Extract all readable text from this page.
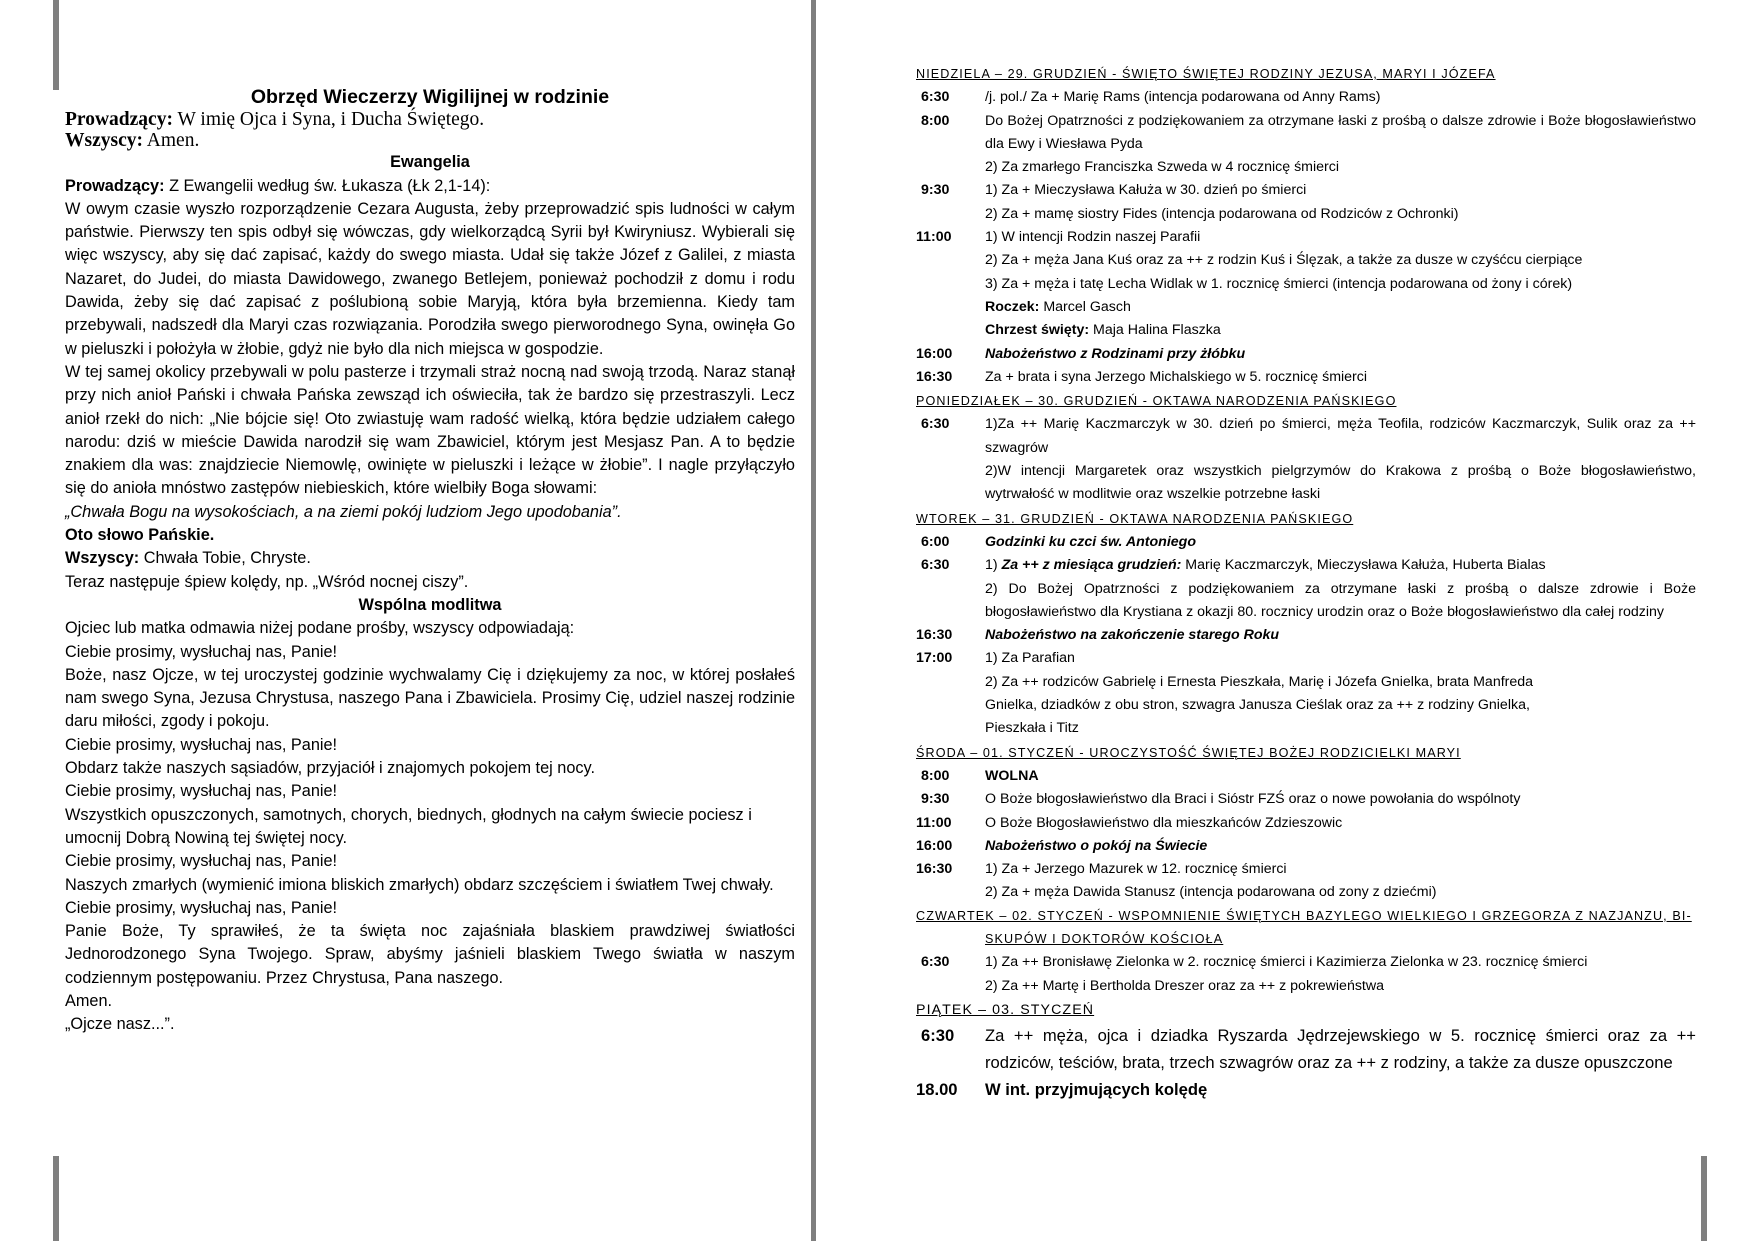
Obrzęd Wieczerzy Wigilijnej w rodzinie

Prowadzący: W imię Ojca i Syna, i Ducha Świętego.

Wszyscy: Amen.

Ewangelia

Prowadzący: Z Ewangelii według św. Łukasza (Łk 2,1-14):

W owym czasie wyszło rozporządzenie Cezara Augusta, żeby przeprowadzić spis ludności w całym państwie. Pierwszy ten spis odbył się wówczas, gdy wielkorządcą Syrii był Kwiryniusz. Wybierali się więc wszyscy, aby się dać zapisać, każdy do swego miasta. Udał się także Józef z Galilei, z miasta Nazaret, do Judei, do miasta Dawidowego, zwanego Betlejem, ponieważ pochodził z domu i rodu Dawida, żeby się dać zapisać z poślubioną sobie Maryją, która była brzemienna. Kiedy tam przebywali, nadszedł dla Maryi czas rozwiązania. Porodziła swego pierworodnego Syna, owinęła Go w pieluszki i położyła w żłobie, gdyż nie było dla nich miejsca w gospodzie.

W tej samej okolicy przebywali w polu pasterze i trzymali straż nocną nad swoją trzodą. Naraz stanął przy nich anioł Pański i chwała Pańska zewsząd ich oświeciła, tak że bardzo się przestraszyli. Lecz anioł rzekł do nich: „Nie bójcie się! Oto zwiastuję wam radość wielką, która będzie udziałem całego narodu: dziś w mieście Dawida narodził się wam Zbawiciel, którym jest Mesjasz Pan. A to będzie znakiem dla was: znajdziecie Niemowlę, owinięte w pieluszki i leżące w żłobie”. I nagle przyłączyło się do anioła mnóstwo zastępów niebieskich, które wielbiły Boga słowami:

„Chwała Bogu na wysokościach, a na ziemi pokój ludziom Jego upodobania”.

Oto słowo Pańskie.

Wszyscy: Chwała Tobie, Chryste.

Teraz następuje śpiew kolędy, np. „Wśród nocnej ciszy”.

Wspólna modlitwa

Ojciec lub matka odmawia niżej podane prośby, wszyscy odpowiadają:

Ciebie prosimy, wysłuchaj nas, Panie!

Boże, nasz Ojcze, w tej uroczystej godzinie wychwalamy Cię i dziękujemy za noc, w której posłałeś nam swego Syna, Jezusa Chrystusa, naszego Pana i Zbawiciela. Prosimy Cię, udziel naszej rodzinie daru miłości, zgody i pokoju.

Ciebie prosimy, wysłuchaj nas, Panie!

Obdarz także naszych sąsiadów, przyjaciół i znajomych pokojem tej nocy.

Ciebie prosimy, wysłuchaj nas, Panie!

Wszystkich opuszczonych, samotnych, chorych, biednych, głodnych na całym świecie pociesz i umocnij Dobrą Nowiną tej świętej nocy.

Ciebie prosimy, wysłuchaj nas, Panie!

Naszych zmarłych (wymienić imiona bliskich zmarłych) obdarz szczęściem i światłem Twej chwały.

Ciebie prosimy, wysłuchaj nas, Panie!

Panie Boże, Ty sprawiłeś, że ta święta noc zajaśniała blaskiem prawdziwej światłości Jednorodzonego Syna Twojego. Spraw, abyśmy jaśnieli blaskiem Twego światła w naszym codziennym postępowaniu. Przez Chrystusa, Pana naszego.

Amen.

„Ojcze nasz...”.

NIEDZIELA – 29. GRUDZIEŃ - ŚWIĘTO ŚWIĘTEJ RODZINY JEZUSA, MARYI I JÓZEFA
6:30	/j. pol./ Za + Marię Rams (intencja podarowana od Anny Rams)
8:00	Do Bożej Opatrzności z podziękowaniem za otrzymane łaski z prośbą o dalsze zdrowie i Boże błogosławieństwo dla Ewy i Wiesława Pyda
2) Za zmarłego Franciszka Szweda w 4 rocznicę śmierci
9:30	1) Za + Mieczysława Kałuża w 30. dzień po śmierci
2) Za + mamę siostry Fides (intencja podarowana od Rodziców z Ochronki)
11:00	1) W intencji Rodzin naszej Parafii
2) Za + męża Jana Kuś oraz za ++ z rodzin Kuś i Ślęzak, a także za dusze w czyśćcu cierpiące
3) Za + męża i tatę Lecha Widlak w 1. rocznicę śmierci (intencja podarowana od żony i córek)
Roczek: Marcel Gasch
Chrzest święty: Maja Halina Flaszka
16:00	Nabożeństwo z Rodzinami przy żłóbku
16:30	Za + brata i syna Jerzego Michalskiego w 5. rocznicę śmierci
PONIEDZIAŁEK – 30. GRUDZIEŃ - OKTAWA NARODZENIA PAŃSKIEGO
6:30	1)Za ++ Marię Kaczmarczyk w 30. dzień po śmierci, męża Teofila, rodziców Kaczmarczyk, Sulik oraz za ++ szwagrów
2)W intencji Margaretek oraz wszystkich pielgrzymów do Krakowa z prośbą o Boże błogosławieństwo, wytrwałość w modlitwie oraz wszelkie potrzebne łaski
WTOREK – 31. GRUDZIEŃ - OKTAWA NARODZENIA PAŃSKIEGO
6:00	Godzinki ku czci św. Antoniego
6:30	1) Za ++ z miesiąca grudzień: Marię Kaczmarczyk, Mieczysława Kałuża, Huberta Bialas
2) Do Bożej Opatrzności z podziękowaniem za otrzymane łaski z prośbą o dalsze zdrowie i Boże błogosławieństwo dla Krystiana z okazji 80. rocznicy urodzin oraz o Boże błogosławieństwo dla całej rodziny
16:30	Nabożeństwo na zakończenie starego Roku
17:00	1) Za Parafian
2) Za ++ rodziców Gabrielę i Ernesta Pieszkała, Marię i Józefa Gnielka, brata Manfreda
Gnielka, dziadków z obu stron, szwagra Janusza Cieślak oraz za ++ z rodziny Gnielka,
Pieszkała i Titz
ŚRODA – 01. STYCZEŃ - UROCZYSTOŚĆ ŚWIĘTEJ BOŻEJ RODZICIELKI MARYI
8:00	WOLNA
9:30	O Boże błogosławieństwo dla Braci i Sióstr FZŚ oraz o nowe powołania do wspólnoty
11:00	O Boże Błogosławieństwo dla mieszkańców Zdzieszowic
16:00	Nabożeństwo o pokój na Świecie
16:30	1) Za + Jerzego Mazurek w 12. rocznicę śmierci
2) Za + męża Dawida Stanusz (intencja podarowana od zony z dziećmi)
CZWARTEK – 02. STYCZEŃ - WSPOMNIENIE ŚWIĘTYCH BAZYLEGO WIELKIEGO I GRZEGORZA Z NAZJANZU, BI-
SKUPÓW I DOKTORÓW KOŚCIOŁA
6:30	1) Za ++ Bronisławę Zielonka w 2. rocznicę śmierci i Kazimierza Zielonka w 23. rocznicę śmierci
2) Za ++ Martę i Bertholda Dreszer oraz za ++ z pokrewieństwa
PIĄTEK – 03. STYCZEŃ
6:30	Za ++ męża, ojca i dziadka Ryszarda Jędrzejewskiego w 5. rocznicę śmierci oraz za ++ rodziców, teściów, brata, trzech szwagrów oraz za ++ z rodziny, a także za dusze opuszczone
18.00	W int. przyjmujących kolędę
